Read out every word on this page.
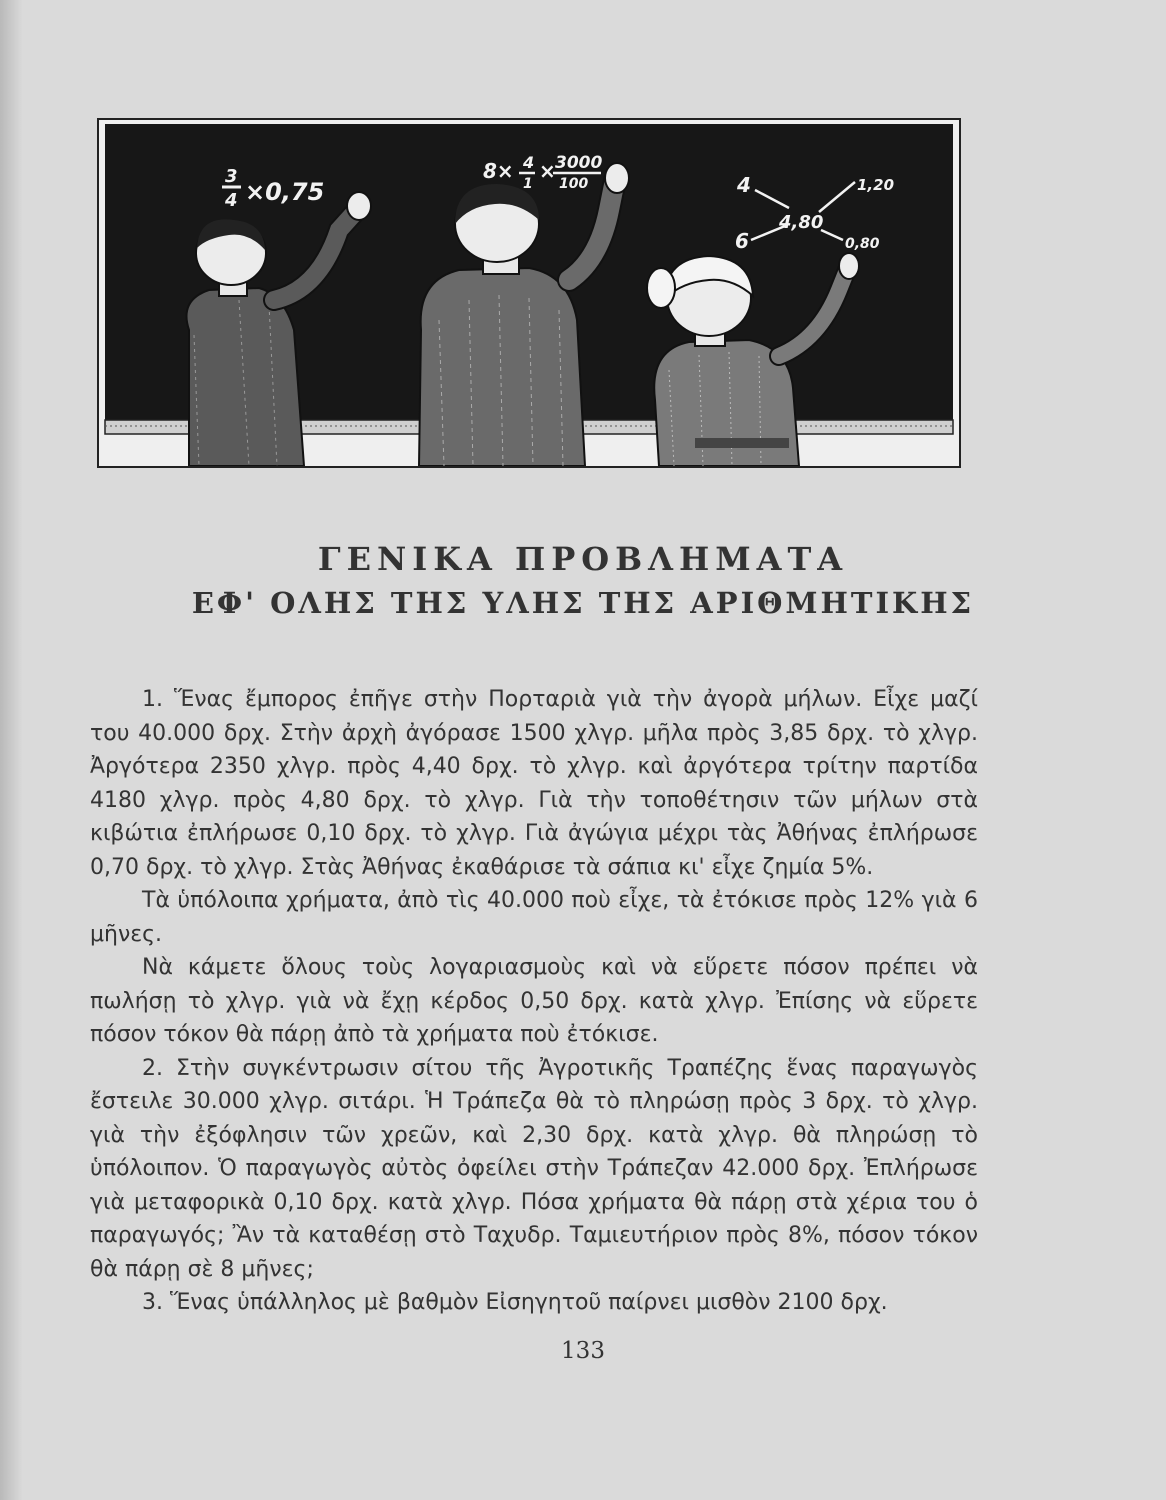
3
4 ×0,75
8× 4
1
× 3000
100	4
6
4,80
1,20
0,80
ΓΕΝΙΚΑ ΠΡΟΒΛΗΜΑΤΑ
ΕΦ' ΟΛΗΣ ΤΗΣ ΥΛΗΣ ΤΗΣ ΑΡΙΘΜΗΤΙΚΗΣ

1. Ἕνας ἔμπορος ἐπῆγε στὴν Πορταριὰ γιὰ τὴν ἀγορὰ μήλων. Εἶχε μαζί του 40.000 δρχ. Στὴν ἀρχὴ ἀγόρασε 1500 χλγρ. μῆλα πρὸς 3,85 δρχ. τὸ χλγρ. Ἀργότερα 2350 χλγρ. πρὸς 4,40 δρχ. τὸ χλγρ. καὶ ἀργότερα τρίτην παρτίδα 4180 χλγρ. πρὸς 4,80 δρχ. τὸ χλγρ. Γιὰ τὴν τοποθέτησιν τῶν μήλων στὰ κιβώτια ἐπλήρωσε 0,10 δρχ. τὸ χλγρ. Γιὰ ἀγώγια μέχρι τὰς Ἀθήνας ἐπλήρωσε 0,70 δρχ. τὸ χλγρ. Στὰς Ἀθήνας ἐκαθάρισε τὰ σάπια κι' εἶχε ζημία 5%.

Τὰ ὑπόλοιπα χρήματα, ἀπὸ τὶς 40.000 ποὺ εἶχε, τὰ ἐτόκισε πρὸς 12% γιὰ 6 μῆνες.

Νὰ κάμετε ὅλους τοὺς λογαριασμοὺς καὶ νὰ εὕρετε πόσον πρέπει νὰ πωλήσῃ τὸ χλγρ. γιὰ νὰ ἔχῃ κέρδος 0,50 δρχ. κατὰ χλγρ. Ἐπίσης νὰ εὕρετε πόσον τόκον θὰ πάρῃ ἀπὸ τὰ χρήματα ποὺ ἐτόκισε.

2. Στὴν συγκέντρωσιν σίτου τῆς Ἀγροτικῆς Τραπέζης ἕνας παραγωγὸς ἔστειλε 30.000 χλγρ. σιτάρι. Ἡ Τράπεζα θὰ τὸ πληρώσῃ πρὸς 3 δρχ. τὸ χλγρ. γιὰ τὴν ἐξόφλησιν τῶν χρεῶν, καὶ 2,30 δρχ. κατὰ χλγρ. θὰ πληρώσῃ τὸ ὑπόλοιπον. Ὁ παραγωγὸς αὐτὸς ὀφείλει στὴν Τράπεζαν 42.000 δρχ. Ἐπλήρωσε γιὰ μεταφορικὰ 0,10 δρχ. κατὰ χλγρ. Πόσα χρήματα θὰ πάρῃ στὰ χέρια του ὁ παραγωγός; Ἂν τὰ καταθέσῃ στὸ Ταχυδρ. Ταμιευτήριον πρὸς 8%, πόσον τόκον θὰ πάρῃ σὲ 8 μῆνες;

3. Ἕνας ὑπάλληλος μὲ βαθμὸν Εἰσηγητοῦ παίρνει μισθὸν 2100 δρχ.

133
